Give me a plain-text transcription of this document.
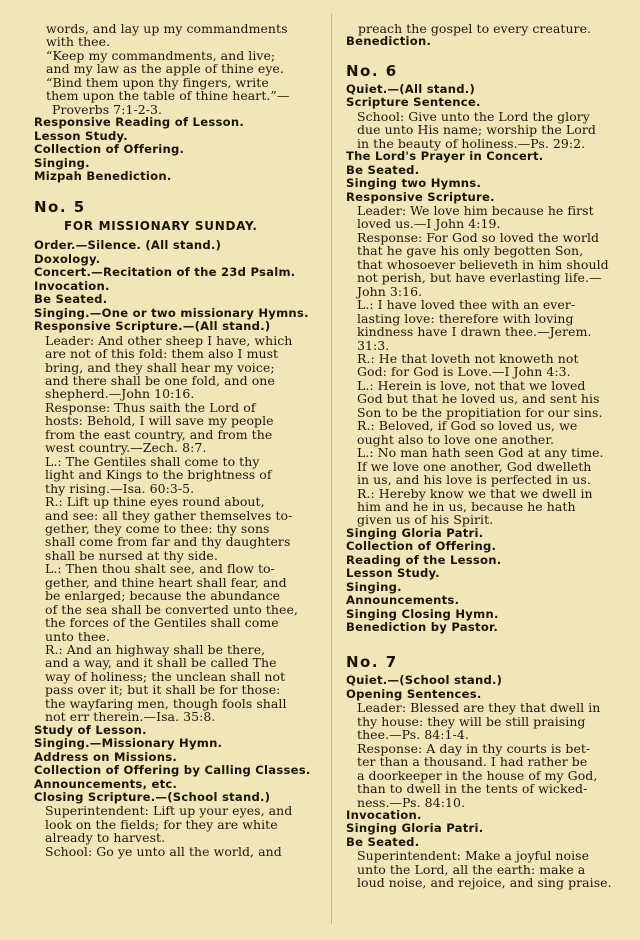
words, and lay up my commandments

with thee.

“Keep my commandments, and live;

and my law as the apple of thine eye.

“Bind them upon thy fingers, write

them upon the table of thine heart.”—

Proverbs 7:1-2-3.

Responsive Reading of Lesson.

Lesson Study.

Collection of Offering.

Singing.

Mizpah Benediction.

No. 5

FOR MISSIONARY SUNDAY.

Order.—Silence. (All stand.)

Doxology.

Concert.—Recitation of the 23d Psalm.

Invocation.

Be Seated.

Singing.—One or two missionary Hymns.

Responsive Scripture.—(All stand.)

Leader: And other sheep I have, which

are not of this fold: them also I must

bring, and they shall hear my voice;

and there shall be one fold, and one

shepherd.—John 10:16.

Response: Thus saith the Lord of

hosts: Behold, I will save my people

from the east country, and from the

west country.—Zech. 8:7.

L.: The Gentiles shall come to thy

light and Kings to the brightness of

thy rising.—Isa. 60:3-5.

R.: Lift up thine eyes round about,

and see: all they gather themselves to-

gether, they come to thee: thy sons

shall come from far and thy daughters

shall be nursed at thy side.

L.: Then thou shalt see, and flow to-

gether, and thine heart shall fear, and

be enlarged; because the abundance

of the sea shall be converted unto thee,

the forces of the Gentiles shall come

unto thee.

R.: And an highway shall be there,

and a way, and it shall be called The

way of holiness; the unclean shall not

pass over it; but it shall be for those:

the wayfaring men, though fools shall

not err therein.—Isa. 35:8.

Study of Lesson.

Singing.—Missionary Hymn.

Address on Missions.

Collection of Offering by Calling Classes.

Announcements, etc.

Closing Scripture.—(School stand.)

Superintendent: Lift up your eyes, and

look on the fields; for they are white

already to harvest.

School: Go ye unto all the world, and

preach the gospel to every creature.

Benediction.

No. 6

Quiet.—(All stand.)

Scripture Sentence.

School: Give unto the Lord the glory

due unto His name; worship the Lord

in the beauty of holiness.—Ps. 29:2.

The Lord's Prayer in Concert.

Be Seated.

Singing two Hymns.

Responsive Scripture.

Leader: We love him because he first

loved us.—I John 4:19.

Response: For God so loved the world

that he gave his only begotten Son,

that whosoever believeth in him should

not perish, but have everlasting life.—

John 3:16.

L.: I have loved thee with an ever-

lasting love: therefore with loving

kindness have I drawn thee.—Jerem.

31:3.

R.: He that loveth not knoweth not

God: for God is Love.—I John 4:3.

L.: Herein is love, not that we loved

God but that he loved us, and sent his

Son to be the propitiation for our sins.

R.: Beloved, if God so loved us, we

ought also to love one another.

L.: No man hath seen God at any time.

If we love one another, God dwelleth

in us, and his love is perfected in us.

R.: Hereby know we that we dwell in

him and he in us, because he hath

given us of his Spirit.

Singing Gloria Patri.

Collection of Offering.

Reading of the Lesson.

Lesson Study.

Singing.

Announcements.

Singing Closing Hymn.

Benediction by Pastor.

No. 7

Quiet.—(School stand.)

Opening Sentences.

Leader: Blessed are they that dwell in

thy house: they will be still praising

thee.—Ps. 84:1-4.

Response: A day in thy courts is bet-

ter than a thousand. I had rather be

a doorkeeper in the house of my God,

than to dwell in the tents of wicked-

ness.—Ps. 84:10.

Invocation.

Singing Gloria Patri.

Be Seated.

Superintendent: Make a joyful noise

unto the Lord, all the earth: make a

loud noise, and rejoice, and sing praise.
